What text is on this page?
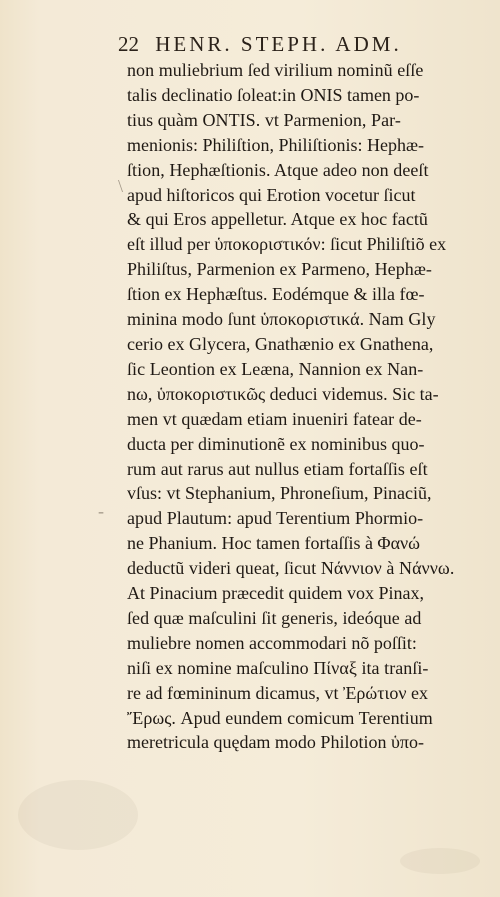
22 HENR. STEPH. ADM.
\
-
non muliebrium ſed virilium nominũ eſſe
talis declinatio ſoleat:in ONIS tamen po-
tius quàm ONTIS. vt Parmenion, Par-
menionis: Philiſtion, Philiſtionis: Hephæ-
ſtion, Hephæſtionis. Atque adeo non deeſt
apud hiſtoricos qui Erotion vocetur ſicut
& qui Eros appelletur. Atque ex hoc factũ
eſt illud per ὑποκοριστικόν: ſicut Philiſtiõ ex
Philiſtus, Parmenion ex Parmeno, Hephæ-
ſtion ex Hephæſtus. Eodémque & illa fœ-
minina modo ſunt ὑποκοριστικά. Nam Gly
cerio ex Glycera, Gnathænio ex Gnathena,
ſic Leontion ex Leæna, Nannion ex Nan-
nω, ὑποκοριστικῶς deduci videmus. Sic ta-
men vt quædam etiam inueniri fatear de-
ducta per diminutionẽ ex nominibus quo-
rum aut rarus aut nullus etiam fortaſſis eſt
vſus: vt Stephanium, Phroneſium, Pinaciũ,
apud Plautum: apud Terentium Phormio-
ne Phanium. Hoc tamen fortaſſis à Φανώ
deductũ videri queat, ſicut Νάννιον à Νάννω.
At Pinacium præcedit quidem vox Pinax,
ſed quæ maſculini ſit generis, ideóque ad
muliebre nomen accommodari nõ poſſit:
niſi ex nomine maſculino Πίναξ ita tranſi-
re ad fœmininum dicamus, vt Ἐρώτιον ex
Ἔρως. Apud eundem comicum Terentium
meretricula quędam modo Philotion ὑπο-
